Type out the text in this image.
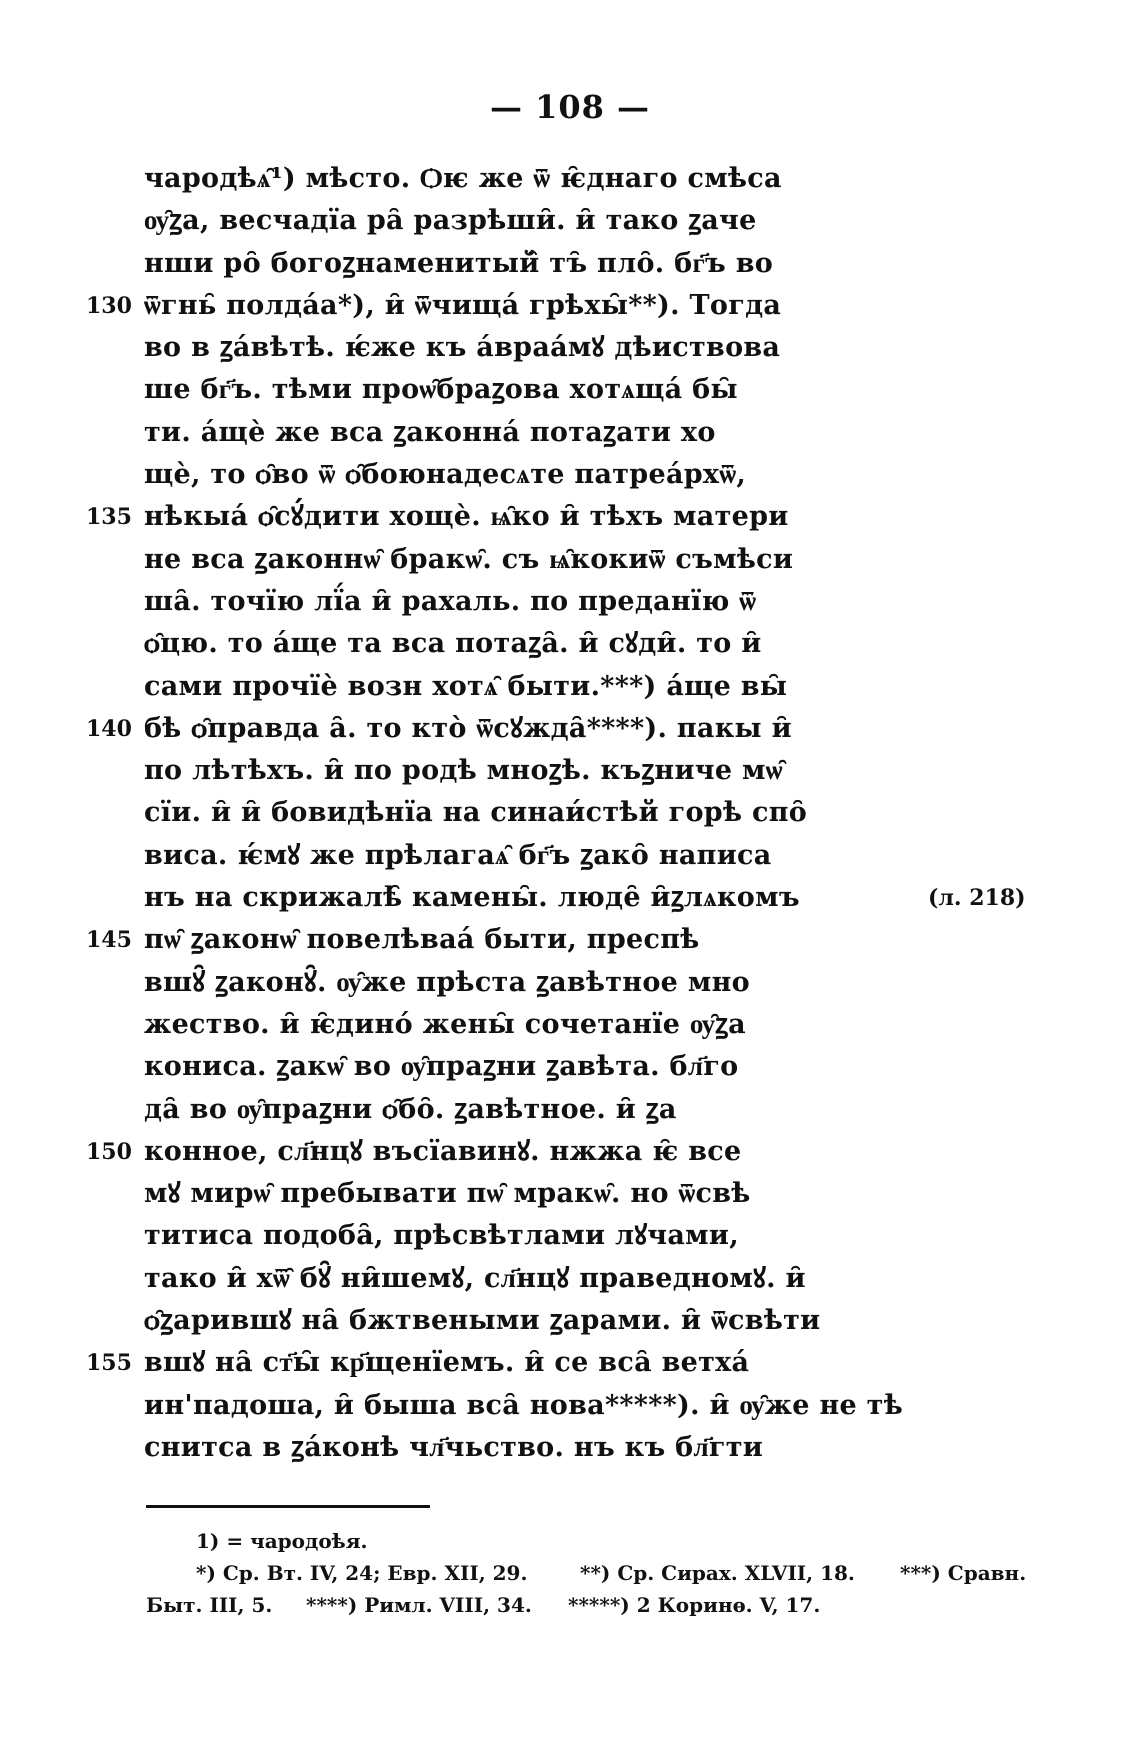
— 108 —
чародѣѧ̑¹) мѣсто. Ѻѥ же ѿ ѥ̑днаго смѣса
ѹ̑ꙁа, весчадїа ра̑ разрѣши̑. и̑ тако ꙁаче
нши ро̑ богоꙁнаменитый̑ тъ̑ пло̑. бг҃ъ во
130 ѿгнь̑ полда́а*), и̑ ѿчища́ грѣхы̑**). Тогда
во в ꙁа́вѣтѣ. ѥ́же къ а́враа́мꙋ дѣиствова
ше бг҃ъ. тѣми проѡ̑браꙁова хотѧща́ бы̑
ти. а́щѐ же вса ꙁаконна́ потаꙁати хо
щѐ, то ѻ̑во ѿ ѻ̑боюнадесѧте патреа́рхѿ,
135 нѣкыа́ ѻ̑сꙋ́дити хощѐ. ѩ̑ко и̑ тѣхъ матери
не вса ꙁаконнѡ̑ бракѡ̑. съ ѩ̑кокиѿ съмѣси
ша̑. точїю лї́а и̑ рахаль. по преданїю ѿ
ѻ̑цю. то а́ще та вса потаꙁа̑. и̑ сꙋди̑. то и̑
сами прочїѐ возн хотѧ̑ быти.***) а́ще вы̑
140 бѣ ѻ̑правда а̑. то кто̀ ѿсꙋжда̑****). пакы и̑
по лѣтѣхъ. и̑ по родѣ мноꙁѣ. къꙁниче мѡ̑
сїи. и̑ и̑ бовидѣнїа на синаи́стѣй горѣ спо̑
виса. ѥ́мꙋ же прѣлагаѧ̑ бг҃ъ ꙁако̑ написа
нъ на скрижалѣ̑ камены̑. люде̑ и̑ꙁлѧкомъ	(л. 218)
145 пѡ̑ ꙁаконѡ̑ повелѣваа́ быти, преспѣ
вшꙋ̑ ꙁаконꙋ̑. ѹ̑же прѣста ꙁавѣтное мно
жество. и̑ ѥ̑дино́ жены̑ сочетанїе ѹ̑ꙁа
кониса. ꙁакѡ̑ во ѹ̑праꙁни ꙁавѣта. бл҃го
да̑ во ѹ̑праꙁни ѻ̑бо̑. ꙁавѣтное. и̑ ꙁа
150 конное, сл҃нцꙋ въсїавинꙋ. нжжа ѥ̑ все
мꙋ мирѡ̑ пребывати пѡ̑ мракѡ̑. но ѿсвѣ
титиса подоба̑, прѣсвѣтлами лꙋчами,
тако и̑ хѿ̑ бꙋ̑ ни̑шемꙋ, сл҃нцꙋ праведномꙋ. и̑
ѻ̑ꙁарившꙋ на̑ бжтвеными ꙁарами. и̑ ѿсвѣти
155 вшꙋ на̑ ст҃ы̑ кр҃щенїемъ. и̑ се вса̑ ветха́
ин'падоша, и̑ быша вса̑ нова*****). и̑ ѹ̑же не тѣ
снитса в ꙁа́конѣ чл҃чьство. нъ къ бл҃гти
1) = чародоѣя.
*) Ср. Вт. IV, 24; Евр. XII, 29.	**) Ср. Сирах. XLVII, 18. ***) Сравн.
Быт. III, 5. ****) Римл. VIII, 34. *****) 2 Коринѳ. V, 17.
